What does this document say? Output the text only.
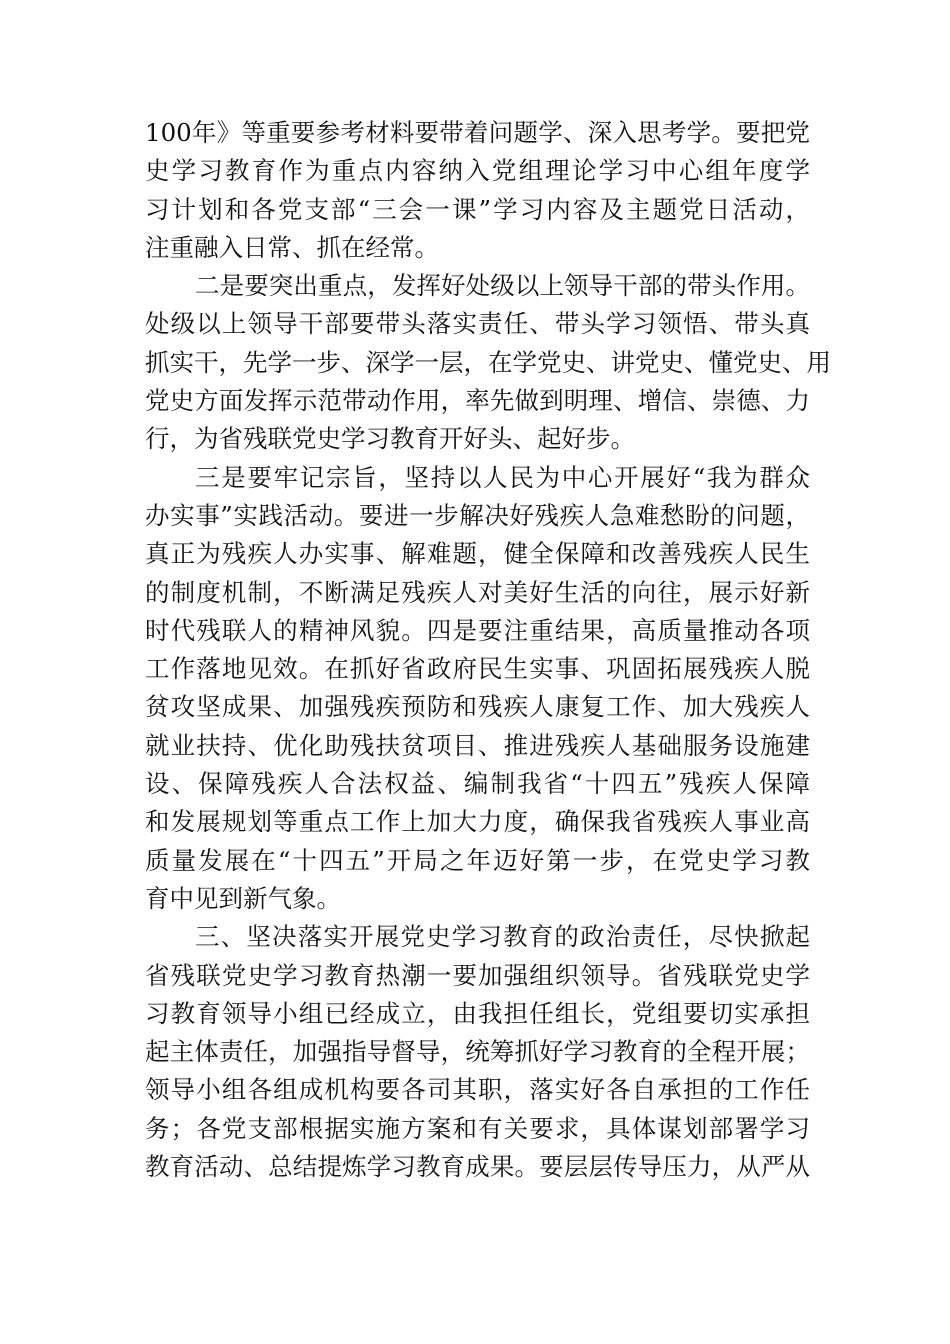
100年》等重要参考材料要带着问题学、深入思考学。要把党
史学习教育作为重点内容纳入党组理论学习中心组年度学
习计划和各党支部“三会一课”学习内容及主题党日活动，
注重融入日常、抓在经常。
二是要突出重点，发挥好处级以上领导干部的带头作用。
处级以上领导干部要带头落实责任、带头学习领悟、带头真
抓实干，先学一步、深学一层，在学党史、讲党史、懂党史、用
党史方面发挥示范带动作用，率先做到明理、增信、崇德、力
行，为省残联党史学习教育开好头、起好步。
三是要牢记宗旨，坚持以人民为中心开展好“我为群众
办实事”实践活动。要进一步解决好残疾人急难愁盼的问题，
真正为残疾人办实事、解难题，健全保障和改善残疾人民生
的制度机制，不断满足残疾人对美好生活的向往，展示好新
时代残联人的精神风貌。四是要注重结果，高质量推动各项
工作落地见效。在抓好省政府民生实事、巩固拓展残疾人脱
贫攻坚成果、加强残疾预防和残疾人康复工作、加大残疾人
就业扶持、优化助残扶贫项目、推进残疾人基础服务设施建
设、保障残疾人合法权益、编制我省“十四五”残疾人保障
和发展规划等重点工作上加大力度，确保我省残疾人事业高
质量发展在“十四五”开局之年迈好第一步，在党史学习教
育中见到新气象。
三、坚决落实开展党史学习教育的政治责任，尽快掀起
省残联党史学习教育热潮一要加强组织领导。省残联党史学
习教育领导小组已经成立，由我担任组长，党组要切实承担
起主体责任，加强指导督导，统筹抓好学习教育的全程开展；
领导小组各组成机构要各司其职，落实好各自承担的工作任
务；各党支部根据实施方案和有关要求，具体谋划部署学习
教育活动、总结提炼学习教育成果。要层层传导压力，从严从
